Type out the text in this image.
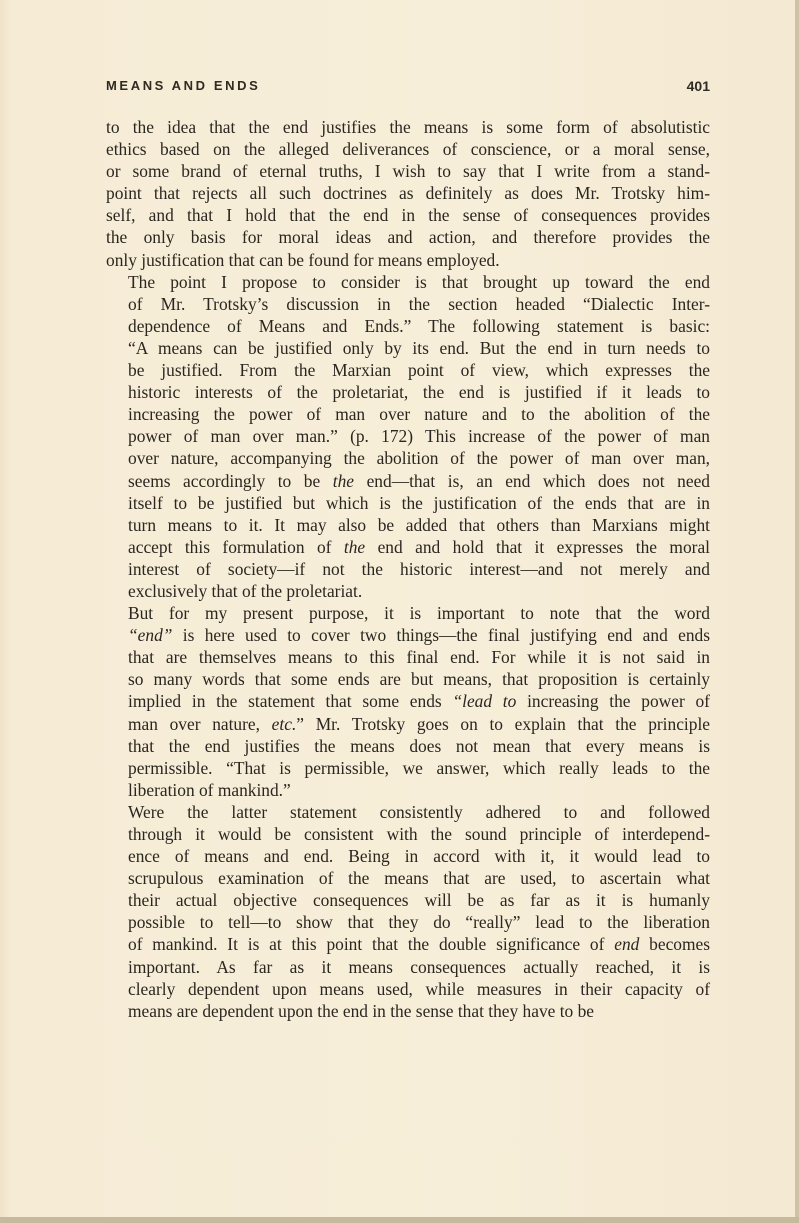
MEANS AND ENDS	401

to the idea that the end justifies the means is some form of absolutistic
ethics based on the alleged deliverances of conscience, or a moral sense,
or some brand of eternal truths, I wish to say that I write from a stand-
point that rejects all such doctrines as definitely as does Mr. Trotsky him-
self, and that I hold that the end in the sense of consequences provides
the only basis for moral ideas and action, and therefore provides the
only justification that can be found for means employed.

The point I propose to consider is that brought up toward the end
of Mr. Trotsky’s discussion in the section headed “Dialectic Inter-
dependence of Means and Ends.” The following statement is basic:
“A means can be justified only by its end. But the end in turn needs to
be justified. From the Marxian point of view, which expresses the
historic interests of the proletariat, the end is justified if it leads to
increasing the power of man over nature and to the abolition of the
power of man over man.” (p. 172) This increase of the power of man
over nature, accompanying the abolition of the power of man over man,
seems accordingly to be the end—that is, an end which does not need
itself to be justified but which is the justification of the ends that are in
turn means to it. It may also be added that others than Marxians might
accept this formulation of the end and hold that it expresses the moral
interest of society—if not the historic interest—and not merely and
exclusively that of the proletariat.

But for my present purpose, it is important to note that the word
“end” is here used to cover two things—the final justifying end and ends
that are themselves means to this final end. For while it is not said in
so many words that some ends are but means, that proposition is certainly
implied in the statement that some ends “lead to increasing the power of
man over nature, etc.” Mr. Trotsky goes on to explain that the principle
that the end justifies the means does not mean that every means is
permissible. “That is permissible, we answer, which really leads to the
liberation of mankind.”

Were the latter statement consistently adhered to and followed
through it would be consistent with the sound principle of interdepend-
ence of means and end. Being in accord with it, it would lead to
scrupulous examination of the means that are used, to ascertain what
their actual objective consequences will be as far as it is humanly
possible to tell—to show that they do “really” lead to the liberation
of mankind. It is at this point that the double significance of end becomes
important. As far as it means consequences actually reached, it is
clearly dependent upon means used, while measures in their capacity of
means are dependent upon the end in the sense that they have to be
